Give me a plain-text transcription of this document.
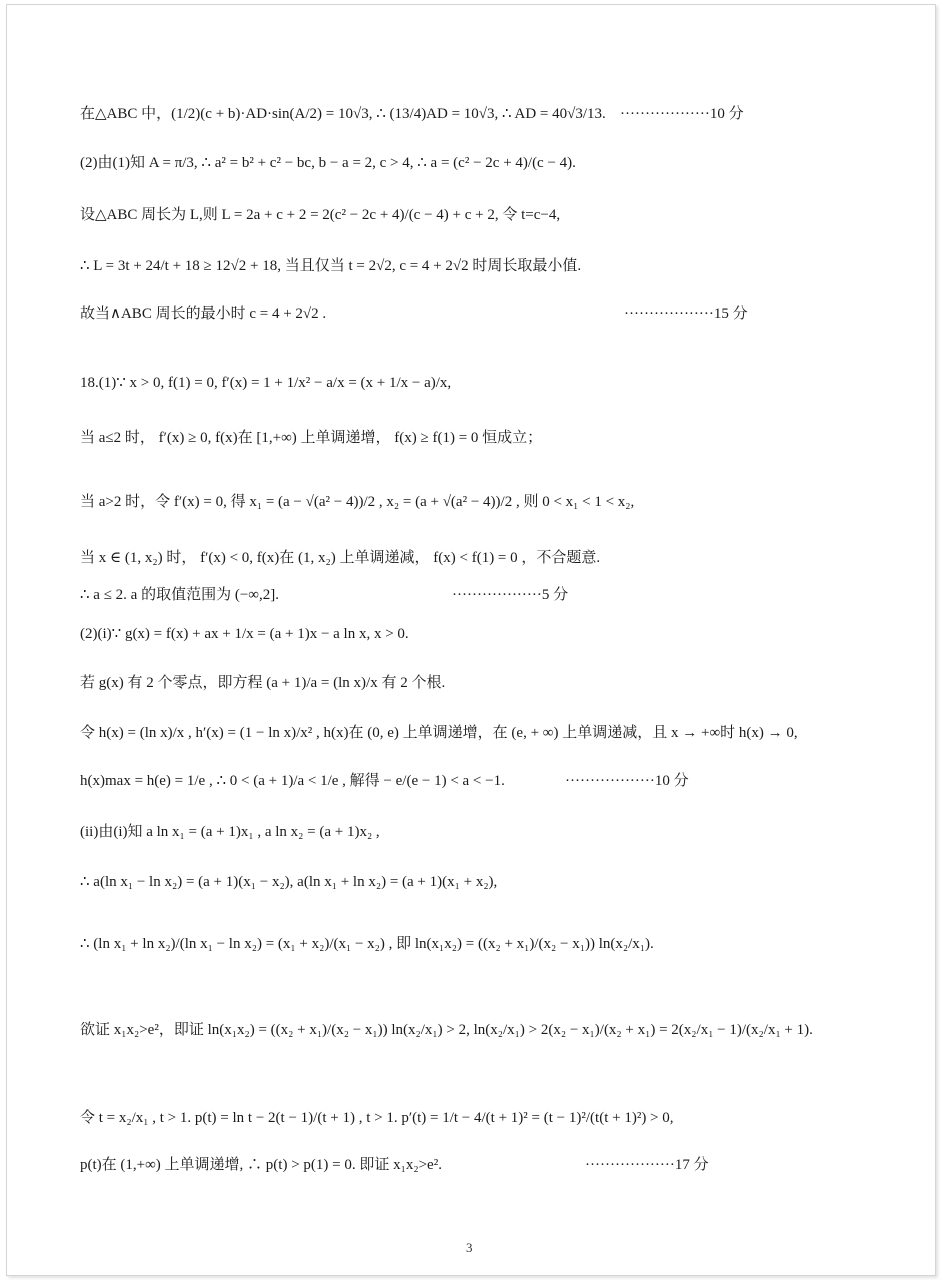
在△ABC 中，(1/2)(c + b)·AD·sin(A/2) = 10√3, ∴ (13/4)AD = 10√3, ∴ AD = 40√3/13. ··················10 分
(2)由(1)知 A = π/3, ∴ a² = b² + c² − bc, b − a = 2, c > 4, ∴ a = (c² − 2c + 4)/(c − 4).
设△ABC 周长为 L,则 L = 2a + c + 2 = 2(c² − 2c + 4)/(c − 4) + c + 2, 令 t=c−4,
∴ L = 3t + 24/t + 18 ≥ 12√2 + 18, 当且仅当 t = 2√2, c = 4 + 2√2 时周长取最小值.
故当∧ABC 周长的最小时 c = 4 + 2√2 .	··················15 分
18.(1)∵ x > 0, f(1) = 0, f′(x) = 1 + 1/x² − a/x = (x + 1/x − a)/x,
当 a≤2 时， f′(x) ≥ 0, f(x)在 [1,+∞) 上单调递增， f(x) ≥ f(1) = 0 恒成立；
当 a>2 时，令 f′(x) = 0, 得 x₁ = (a − √(a² − 4))/2 , x₂ = (a + √(a² − 4))/2 , 则 0 < x₁ < 1 < x₂,
当 x ∈ (1, x₂) 时， f′(x) < 0, f(x)在 (1, x₂) 上单调递减， f(x) < f(1) = 0 ，不合题意.
∴ a ≤ 2. a 的取值范围为 (−∞,2].	··················5 分
(2)(i)∵ g(x) = f(x) + ax + 1/x = (a + 1)x − a ln x, x > 0.
若 g(x) 有 2 个零点，即方程 (a + 1)/a = (ln x)/x 有 2 个根.
令 h(x) = (ln x)/x , h′(x) = (1 − ln x)/x² , h(x)在 (0, e) 上单调递增，在 (e, + ∞) 上单调递减，且 x → +∞时 h(x) → 0,
h(x)max = h(e) = 1/e , ∴ 0 < (a + 1)/a < 1/e , 解得 − e/(e − 1) < a < −1.	··················10 分
(ii)由(i)知 a ln x₁ = (a + 1)x₁ , a ln x₂ = (a + 1)x₂ ,
∴ a(ln x₁ − ln x₂) = (a + 1)(x₁ − x₂), a(ln x₁ + ln x₂) = (a + 1)(x₁ + x₂),
∴ (ln x₁ + ln x₂)/(ln x₁ − ln x₂) = (x₁ + x₂)/(x₁ − x₂) , 即 ln(x₁x₂) = ((x₂ + x₁)/(x₂ − x₁)) ln(x₂/x₁).
欲证 x₁x₂>e²，即证 ln(x₁x₂) = ((x₂ + x₁)/(x₂ − x₁)) ln(x₂/x₁) > 2, ln(x₂/x₁) > 2(x₂ − x₁)/(x₂ + x₁) = 2(x₂/x₁ − 1)/(x₂/x₁ + 1).
令 t = x₂/x₁ , t > 1. p(t) = ln t − 2(t − 1)/(t + 1) , t > 1. p′(t) = 1/t − 4/(t + 1)² = (t − 1)²/(t(t + 1)²) > 0,
p(t)在 (1,+∞) 上单调递增, ∴ p(t) > p(1) = 0. 即证 x₁x₂>e².	··················17 分
3
